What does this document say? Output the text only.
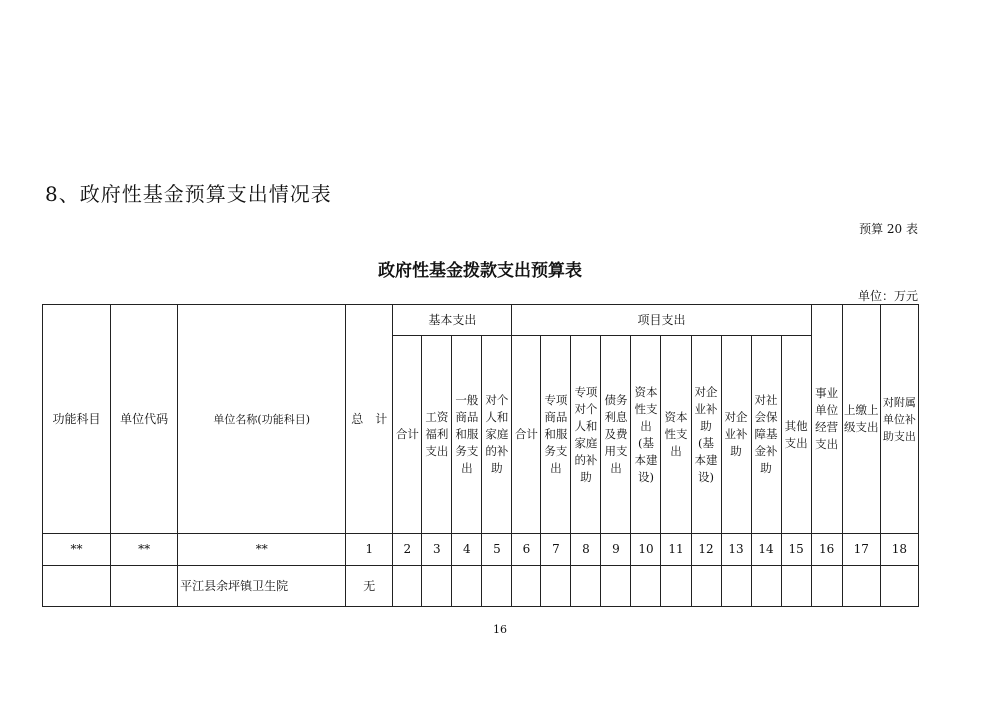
8、政府性基金预算支出情况表
预算 20 表
政府性基金拨款支出预算表
单位：万元
功能科目	单位代码	单位名称(功能科目)	总　计	基本支出				项目支出										事业单位经营支出	上缴上级支出	对附属单位补助支出
				合计	工资福利支出	一般商品和服务支出	对个人和家庭的补助	合计	专项商品和服务支出	专项对个人和家庭的补助	债务利息及费用支出	资本性支出(基本建设)	资本性支出	对企业补助(基本建设)	对企业补助	对社会保障基金补助	其他支出			
**	**	**	1	2	3	4	5	6	7	8	9	10	11	12	13	14	15	16	17	18
		平江县余坪镇卫生院	无																	
16
